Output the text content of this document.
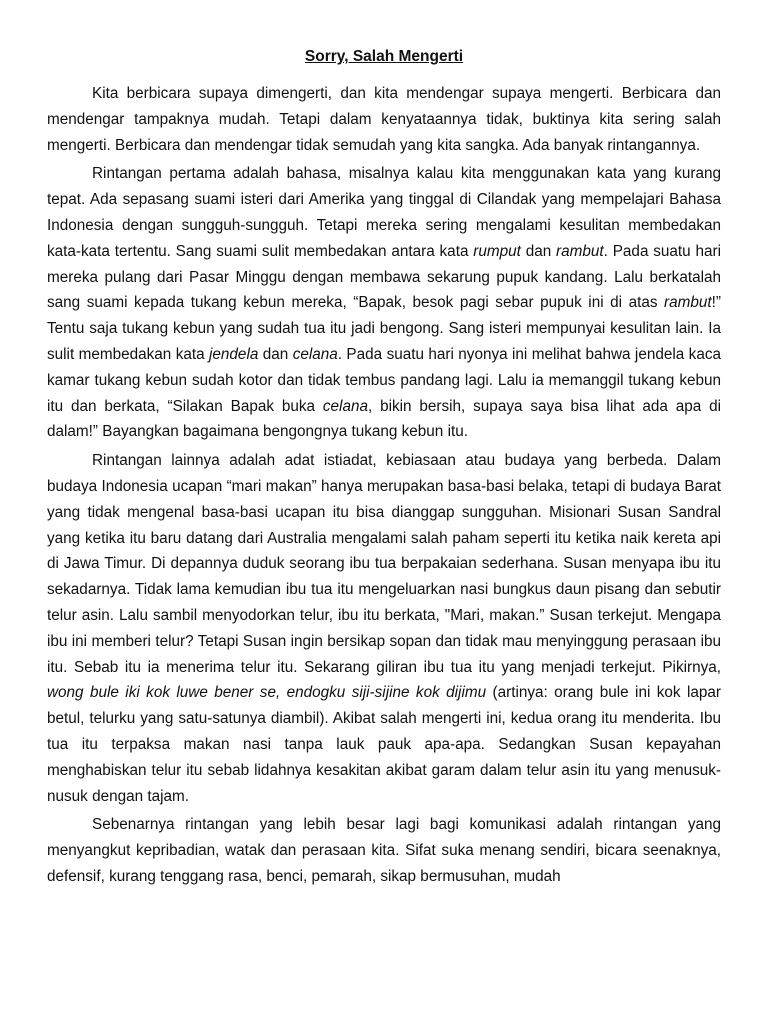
Sorry, Salah Mengerti

Kita berbicara supaya dimengerti, dan kita mendengar supaya mengerti. Berbicara dan mendengar tampaknya mudah. Tetapi dalam kenyataannya tidak, buktinya kita sering salah mengerti. Berbicara dan mendengar tidak semudah yang kita sangka. Ada banyak rintangannya.

Rintangan pertama adalah bahasa, misalnya kalau kita menggunakan kata yang kurang tepat. Ada sepasang suami isteri dari Amerika yang tinggal di Cilandak yang mempelajari Bahasa Indonesia dengan sungguh-sungguh. Tetapi mereka sering mengalami kesulitan membedakan kata-kata tertentu. Sang suami sulit membedakan antara kata rumput dan rambut. Pada suatu hari mereka pulang dari Pasar Minggu dengan membawa sekarung pupuk kandang. Lalu berkatalah sang suami kepada tukang kebun mereka, “Bapak, besok pagi sebar pupuk ini di atas rambut!” Tentu saja tukang kebun yang sudah tua itu jadi bengong. Sang isteri mempunyai kesulitan lain. Ia sulit membedakan kata jendela dan celana. Pada suatu hari nyonya ini melihat bahwa jendela kaca kamar tukang kebun sudah kotor dan tidak tembus pandang lagi. Lalu ia memanggil tukang kebun itu dan berkata, “Silakan Bapak buka celana, bikin bersih, supaya saya bisa lihat ada apa di dalam!” Bayangkan bagaimana bengongnya tukang kebun itu.

Rintangan lainnya adalah adat istiadat, kebiasaan atau budaya yang berbeda. Dalam budaya Indonesia ucapan “mari makan” hanya merupakan basa-basi belaka, tetapi di budaya Barat yang tidak mengenal basa-basi ucapan itu bisa dianggap sungguhan. Misionari Susan Sandral yang ketika itu baru datang dari Australia mengalami salah paham seperti itu ketika naik kereta api di Jawa Timur. Di depannya duduk seorang ibu tua berpakaian sederhana. Susan menyapa ibu itu sekadarnya. Tidak lama kemudian ibu tua itu mengeluarkan nasi bungkus daun pisang dan sebutir telur asin. Lalu sambil menyodorkan telur, ibu itu berkata, "Mari, makan.” Susan terkejut. Mengapa ibu ini memberi telur? Tetapi Susan ingin bersikap sopan dan tidak mau menyinggung perasaan ibu itu. Sebab itu ia menerima telur itu. Sekarang giliran ibu tua itu yang menjadi terkejut. Pikirnya, wong bule iki kok luwe bener se, endogku siji-sijine kok dijimu (artinya: orang bule ini kok lapar betul, telurku yang satu-satunya diambil). Akibat salah mengerti ini, kedua orang itu menderita. Ibu tua itu terpaksa makan nasi tanpa lauk pauk apa-apa. Sedangkan Susan kepayahan menghabiskan telur itu sebab lidahnya kesakitan akibat garam dalam telur asin itu yang menusuk-nusuk dengan tajam.

Sebenarnya rintangan yang lebih besar lagi bagi komunikasi adalah rintangan yang menyangkut kepribadian, watak dan perasaan kita. Sifat suka menang sendiri, bicara seenaknya, defensif, kurang tenggang rasa, benci, pemarah, sikap bermusuhan, mudah
